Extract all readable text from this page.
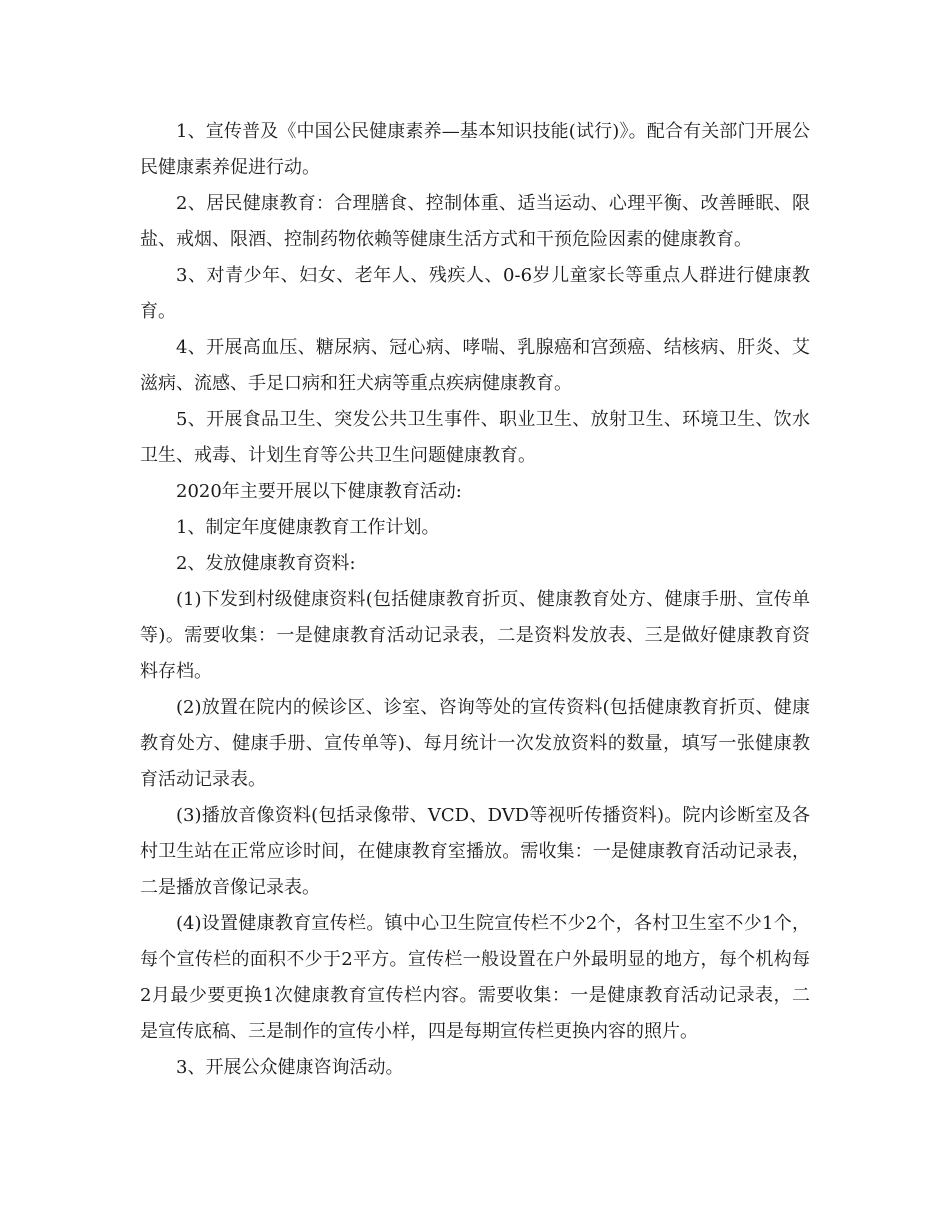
1、宣传普及《中国公民健康素养—基本知识技能(试行)》。配合有关部门开展公民健康素养促进行动。

2、居民健康教育：合理膳食、控制体重、适当运动、心理平衡、改善睡眠、限盐、戒烟、限酒、控制药物依赖等健康生活方式和干预危险因素的健康教育。

3、对青少年、妇女、老年人、残疾人、0-6岁儿童家长等重点人群进行健康教育。

4、开展高血压、糖尿病、冠心病、哮喘、乳腺癌和宫颈癌、结核病、肝炎、艾滋病、流感、手足口病和狂犬病等重点疾病健康教育。

5、开展食品卫生、突发公共卫生事件、职业卫生、放射卫生、环境卫生、饮水卫生、戒毒、计划生育等公共卫生问题健康教育。

2020年主要开展以下健康教育活动:

1、制定年度健康教育工作计划。

2、发放健康教育资料:

(1)下发到村级健康资料(包括健康教育折页、健康教育处方、健康手册、宣传单等)。需要收集：一是健康教育活动记录表，二是资料发放表、三是做好健康教育资料存档。

(2)放置在院内的候诊区、诊室、咨询等处的宣传资料(包括健康教育折页、健康教育处方、健康手册、宣传单等)、每月统计一次发放资料的数量，填写一张健康教育活动记录表。

(3)播放音像资料(包括录像带、VCD、DVD等视听传播资料)。院内诊断室及各村卫生站在正常应诊时间，在健康教育室播放。需收集：一是健康教育活动记录表，二是播放音像记录表。

(4)设置健康教育宣传栏。镇中心卫生院宣传栏不少2个，各村卫生室不少1个，每个宣传栏的面积不少于2平方。宣传栏一般设置在户外最明显的地方，每个机构每2月最少要更换1次健康教育宣传栏内容。需要收集：一是健康教育活动记录表，二是宣传底稿、三是制作的宣传小样，四是每期宣传栏更换内容的照片。

3、开展公众健康咨询活动。
